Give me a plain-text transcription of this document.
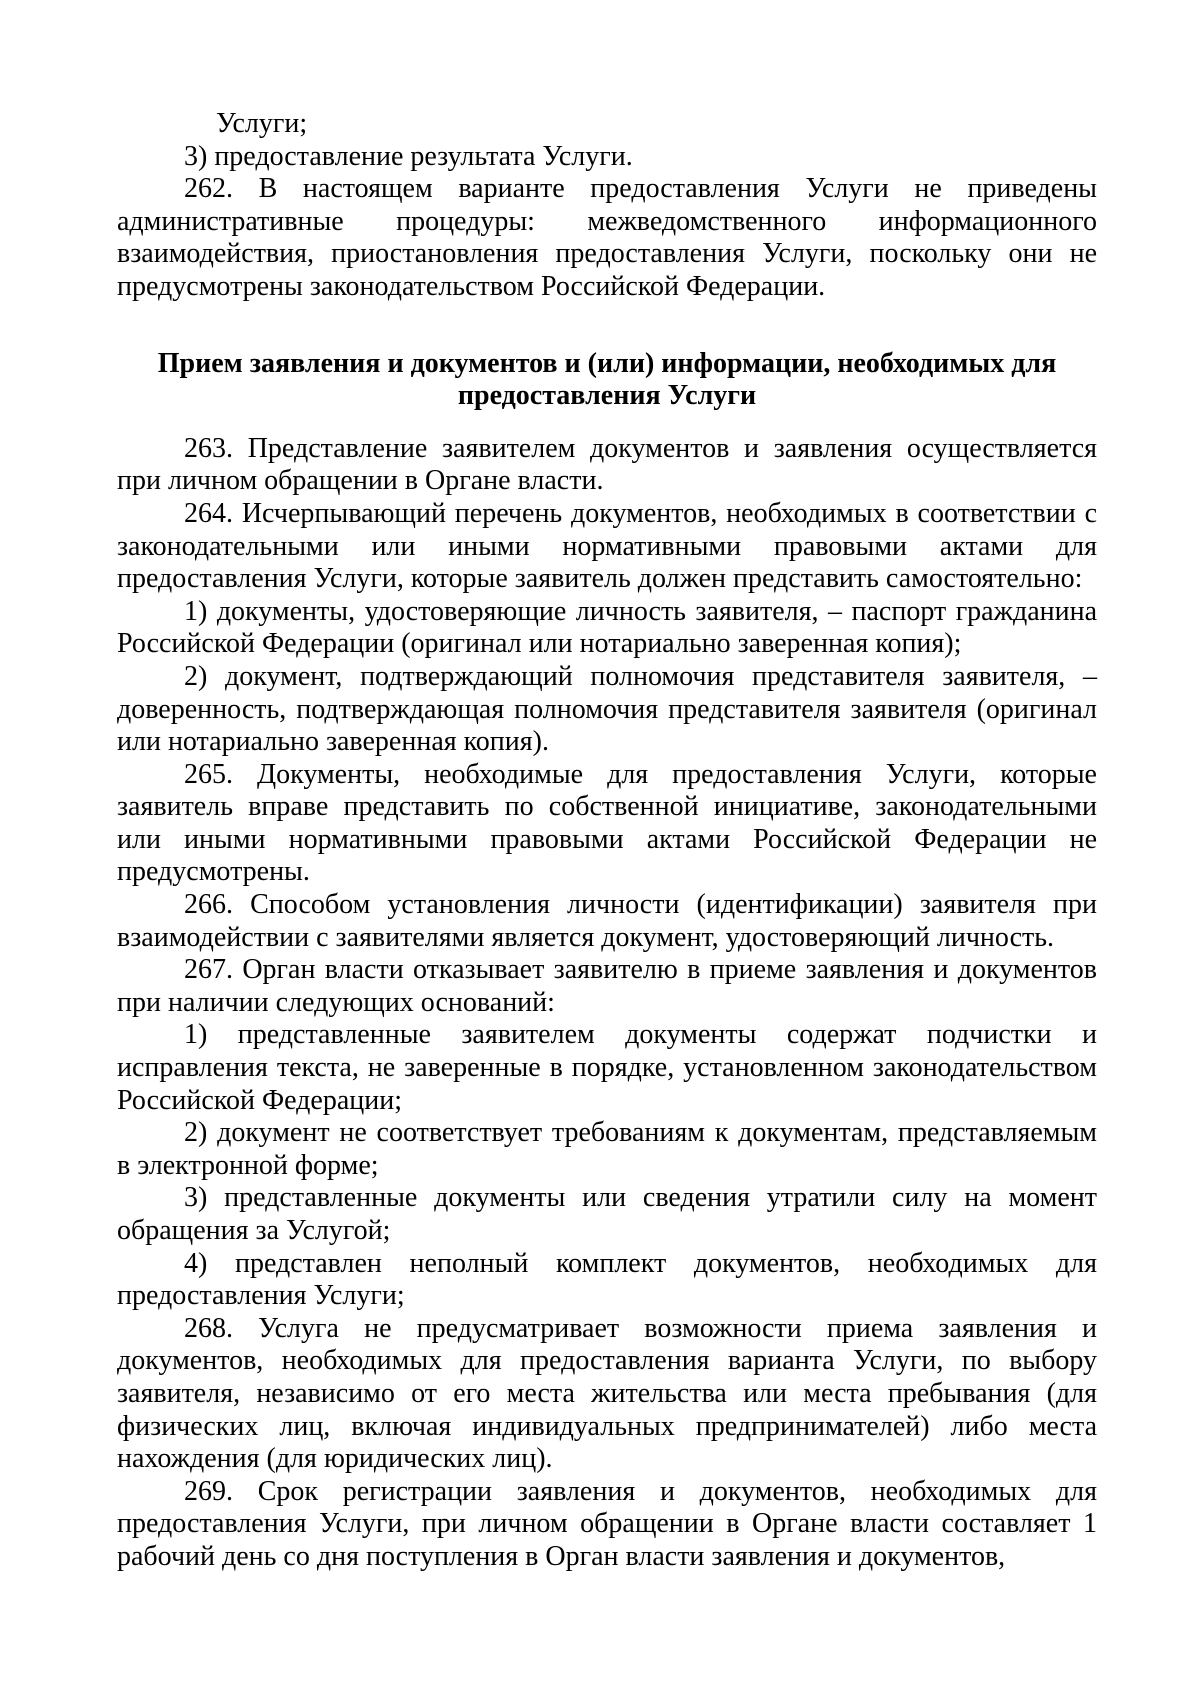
Услуги;

3) предоставление результата Услуги.

262. В настоящем варианте предоставления Услуги не приведены административные процедуры: межведомственного информационного взаимодействия, приостановления предоставления Услуги, поскольку они не предусмотрены законодательством Российской Федерации.

Прием заявления и документов и (или) информации, необходимых для предоставления Услуги

263. Представление заявителем документов и заявления осуществляется при личном обращении в Органе власти.

264. Исчерпывающий перечень документов, необходимых в соответствии с законодательными или иными нормативными правовыми актами для предоставления Услуги, которые заявитель должен представить самостоятельно:

1) документы, удостоверяющие личность заявителя, – паспорт гражданина Российской Федерации (оригинал или нотариально заверенная копия);

2) документ, подтверждающий полномочия представителя заявителя, – доверенность, подтверждающая полномочия представителя заявителя (оригинал или нотариально заверенная копия).

265. Документы, необходимые для предоставления Услуги, которые заявитель вправе представить по собственной инициативе, законодательными или иными нормативными правовыми актами Российской Федерации не предусмотрены.

266. Способом установления личности (идентификации) заявителя при взаимодействии с заявителями является документ, удостоверяющий личность.

267. Орган власти отказывает заявителю в приеме заявления и документов при наличии следующих оснований:

1) представленные заявителем документы содержат подчистки и исправления текста, не заверенные в порядке, установленном законодательством Российской Федерации;

2) документ не соответствует требованиям к документам, представляемым в электронной форме;

3) представленные документы или сведения утратили силу на момент обращения за Услугой;

4) представлен неполный комплект документов, необходимых для предоставления Услуги;

268. Услуга не предусматривает возможности приема заявления и документов, необходимых для предоставления варианта Услуги, по выбору заявителя, независимо от его места жительства или места пребывания (для физических лиц, включая индивидуальных предпринимателей) либо места нахождения (для юридических лиц).

269. Срок регистрации заявления и документов, необходимых для предоставления Услуги, при личном обращении в Органе власти составляет 1 рабочий день со дня поступления в Орган власти заявления и документов,
